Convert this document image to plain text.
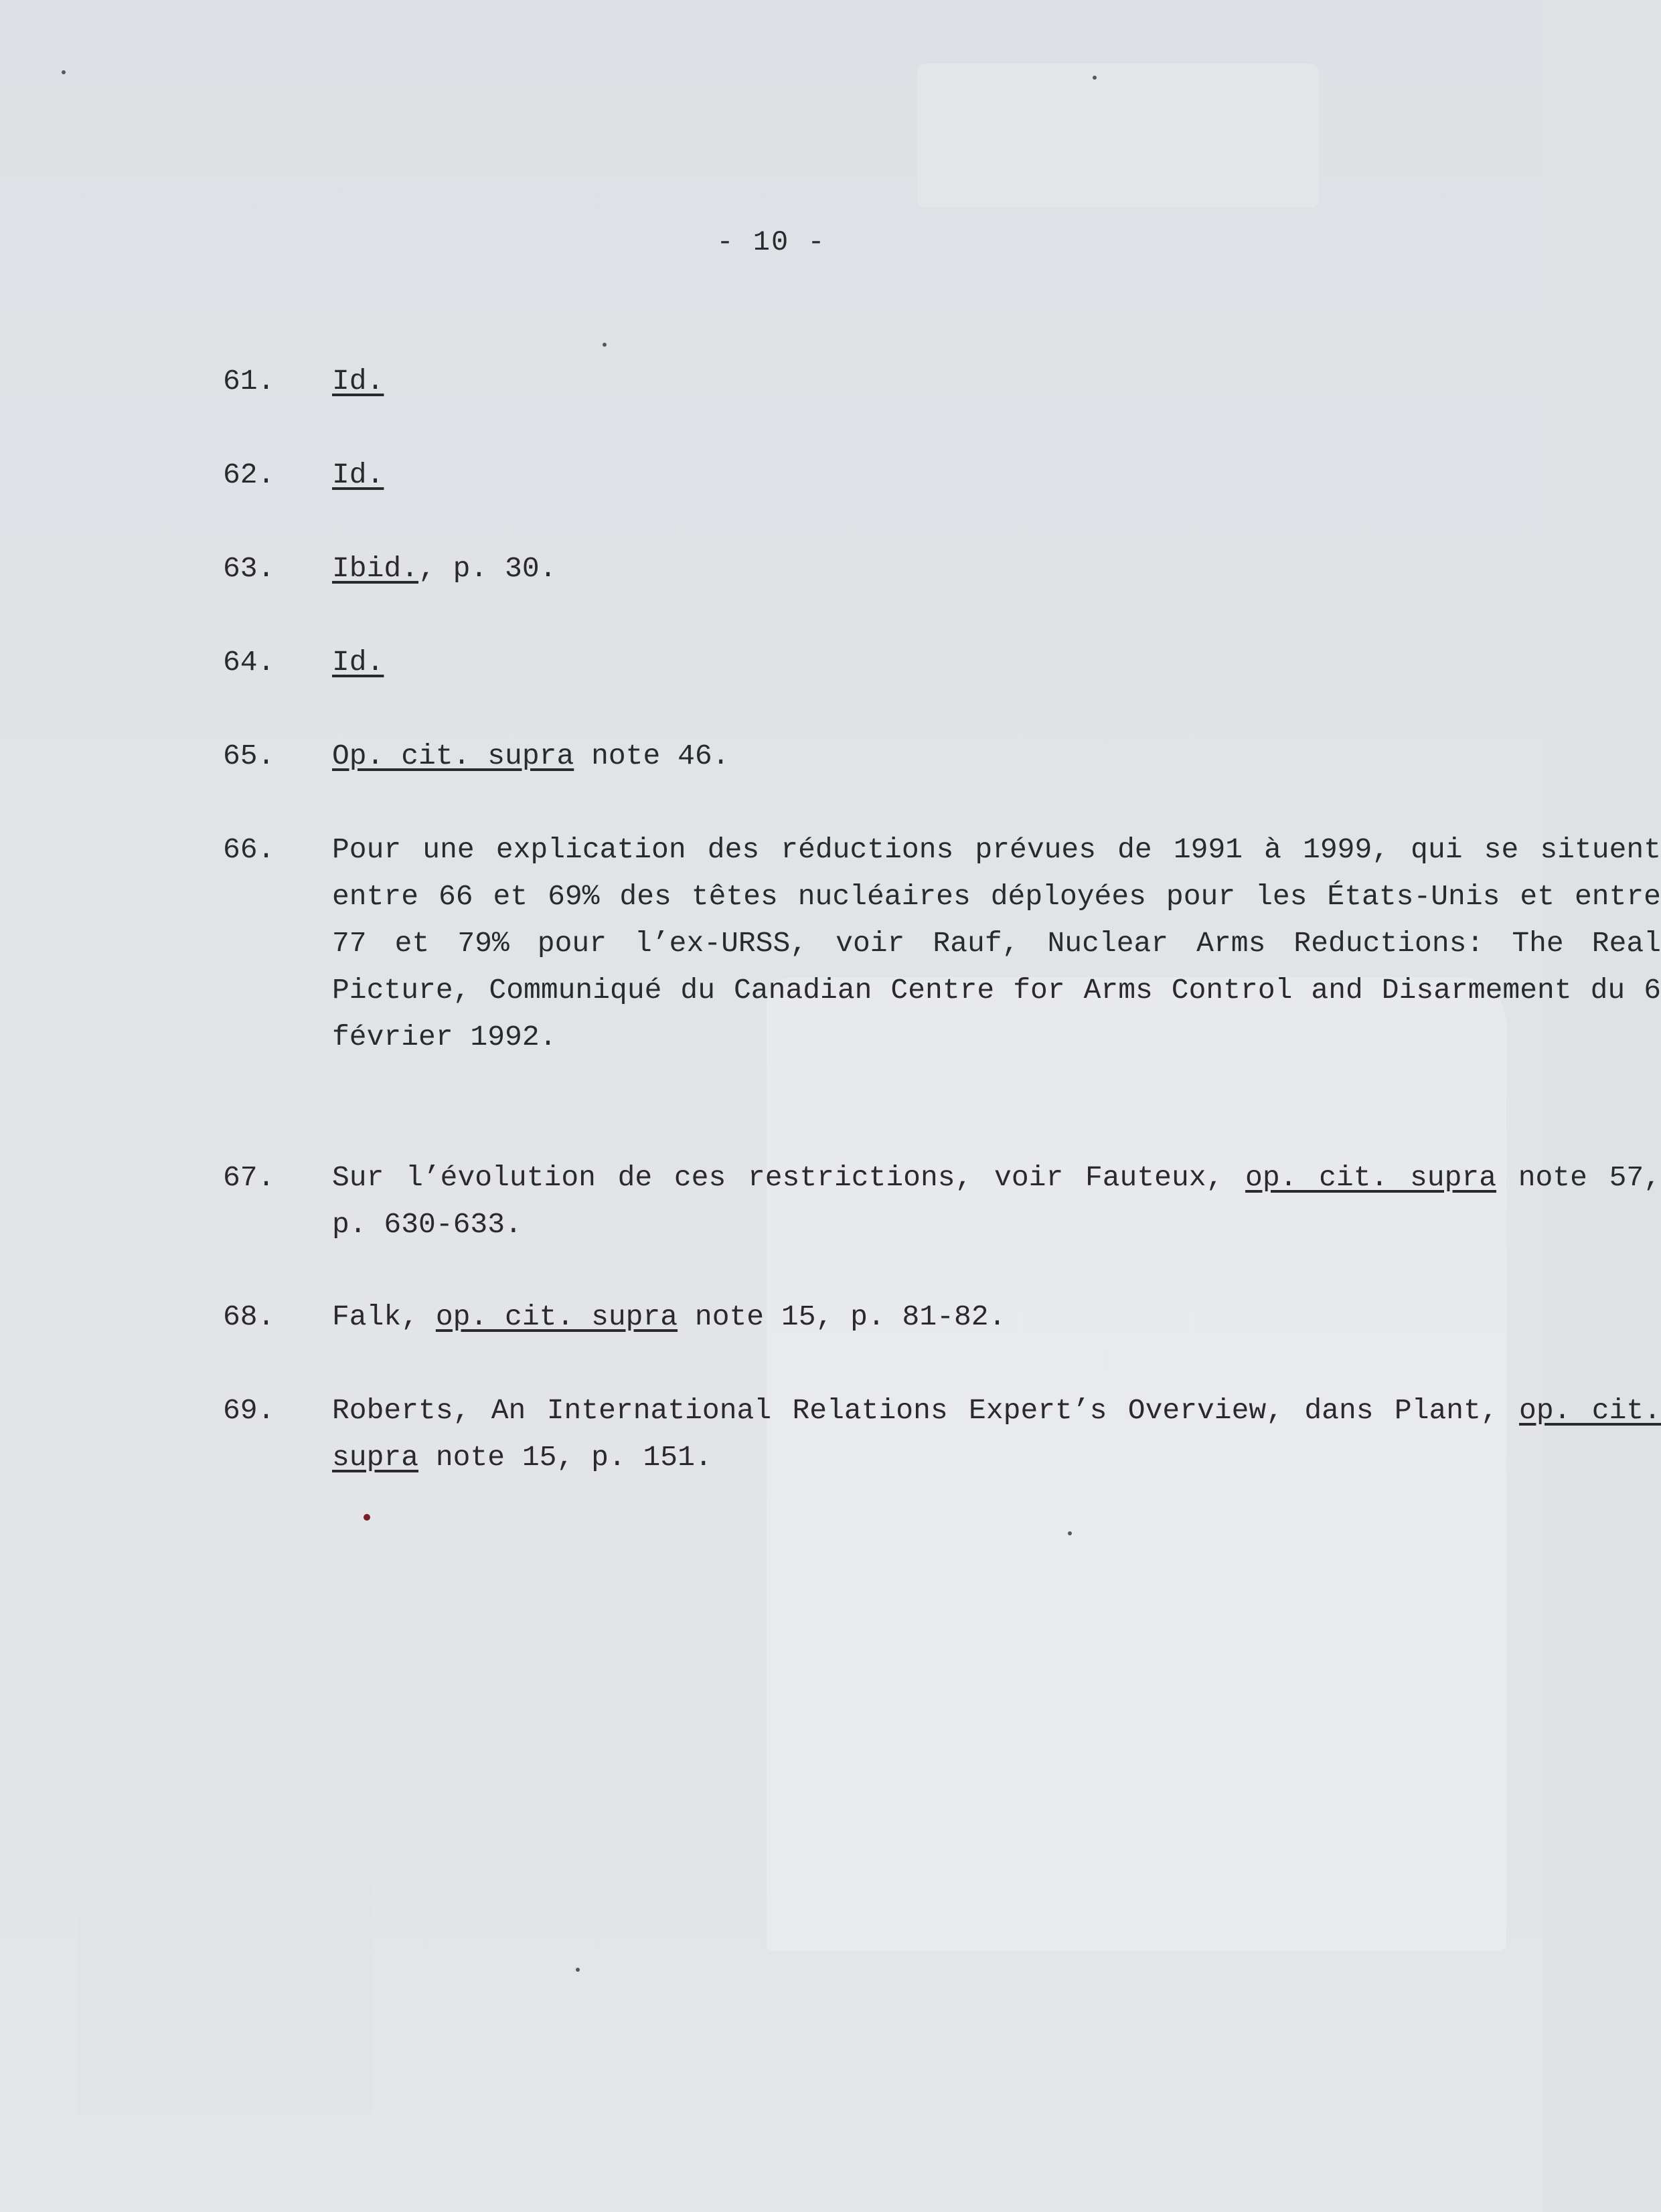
- 10 -
61.	Id.
62.	Id.
63.	Ibid., p. 30.
64.	Id.
65.	Op. cit. supra note 46.
66.	Pour une explication des réductions prévues de 1991 à 1999, qui se situent entre 66 et 69% des têtes nucléaires déployées pour les États-Unis et entre 77 et 79% pour l’ex-URSS, voir Rauf, Nuclear Arms Reductions: The Real Picture, Communiqué du Canadian Centre for Arms Control and Disarmement du 6 février 1992.
67.	Sur l’évolution de ces restrictions, voir Fauteux, op. cit. supra note 57, p. 630-633.
68.	Falk, op. cit. supra note 15, p. 81-82.
69.	Roberts, An International Relations Expert’s Overview, dans Plant, op. cit. supra note 15, p. 151.
